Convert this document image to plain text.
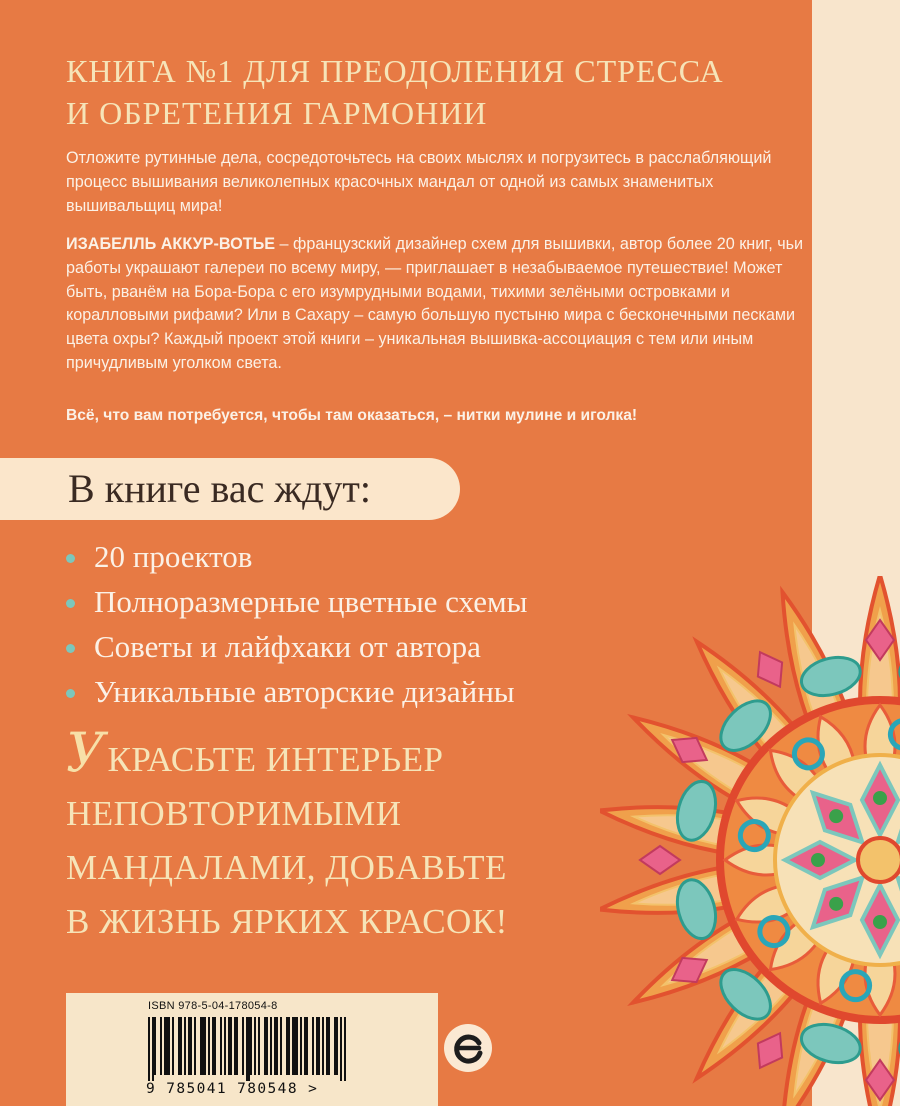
КНИГА №1 ДЛЯ ПРЕОДОЛЕНИЯ СТРЕССА
И ОБРЕТЕНИЯ ГАРМОНИИ

Отложите рутинные дела, сосредоточьтесь на своих мыслях и погрузитесь в расслабляющий процесс вышивания великолепных красочных мандал от одной из самых знаменитых вышивальщиц мира!

ИЗАБЕЛЛЬ АККУР-ВОТЬЕ – французский дизайнер схем для вышивки, автор более 20 книг, чьи работы украшают галереи по всему миру, — приглашает в незабываемое путешествие! Может быть, рванём на Бора-Бора с его изумрудными водами, тихими зелёными островками и коралловыми рифами? Или в Сахару – самую большую пустыню мира с бесконечными песками цвета охры? Каждый проект этой книги – уникальная вышивка-ассоциация с тем или иным причудливым уголком света.

Всё, что вам потребуется, чтобы там оказаться, – нитки мулине и иголка!

В книге вас ждут:
20 проектов
Полноразмерные цветные схемы
Советы и лайфхаки от автора
Уникальные авторские дизайны
УКРАСЬТЕ ИНТЕРЬЕР
НЕПОВТОРИМЫМИ
МАНДАЛАМИ, ДОБАВЬТЕ
В ЖИЗНЬ ЯРКИХ КРАСОК!

ISBN 978-5-04-178054-8

9 785041 780548 >
